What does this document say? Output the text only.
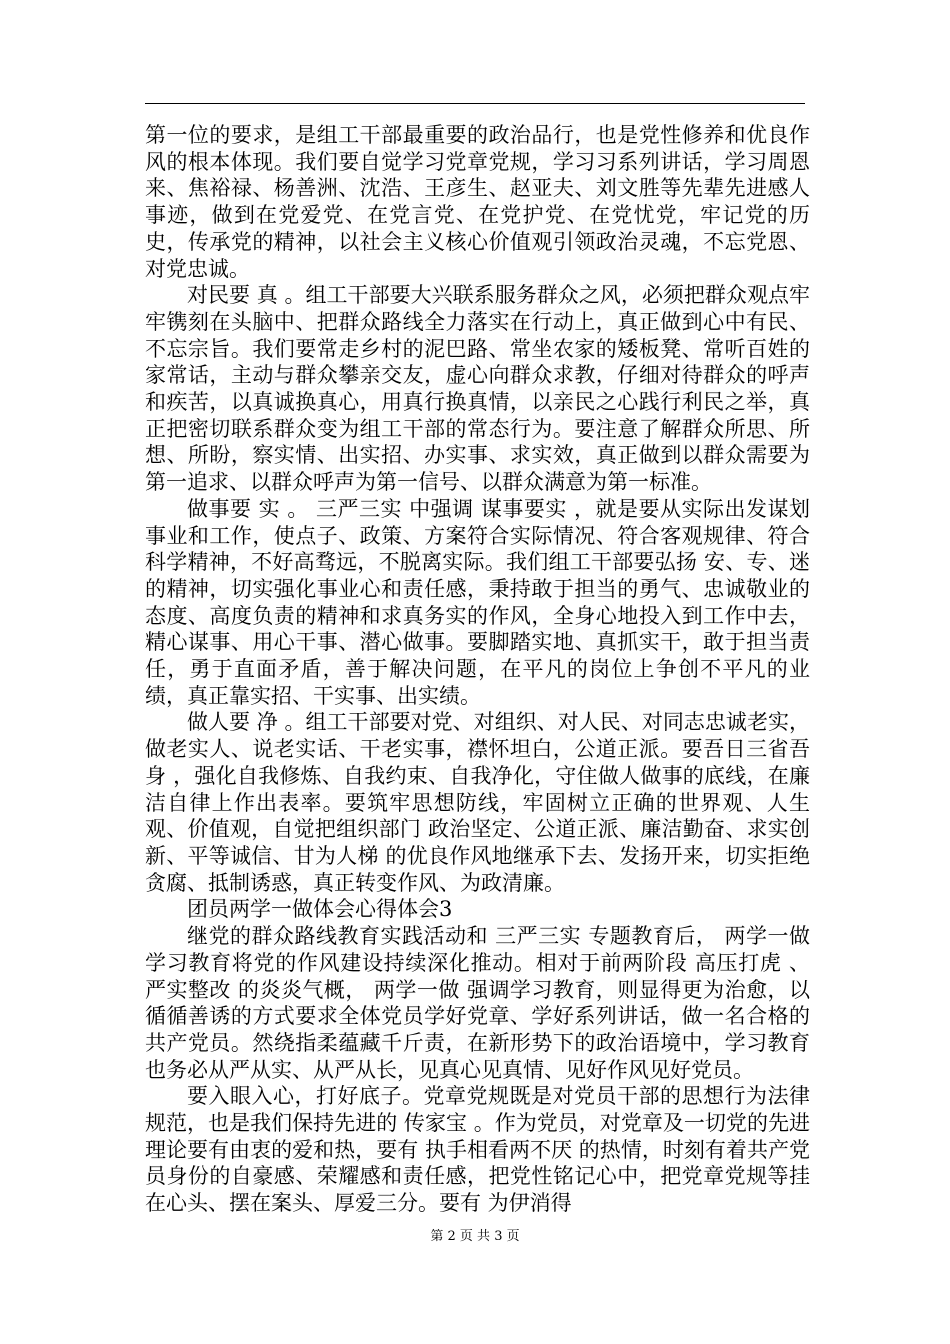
第一位的要求，是组工干部最重要的政治品行，也是党性修养和优良作风的根本体现。我们要自觉学习党章党规，学习习系列讲话，学习周恩来、焦裕禄、杨善洲、沈浩、王彦生、赵亚夫、刘文胜等先辈先进感人事迹，做到在党爱党、在党言党、在党护党、在党忧党，牢记党的历史，传承党的精神，以社会主义核心价值观引领政治灵魂，不忘党恩、对党忠诚。

对民要 真 。组工干部要大兴联系服务群众之风，必须把群众观点牢牢镌刻在头脑中、把群众路线全力落实在行动上，真正做到心中有民、不忘宗旨。我们要常走乡村的泥巴路、常坐农家的矮板凳、常听百姓的家常话，主动与群众攀亲交友，虚心向群众求教，仔细对待群众的呼声和疾苦，以真诚换真心，用真行换真情，以亲民之心践行利民之举，真正把密切联系群众变为组工干部的常态行为。要注意了解群众所思、所想、所盼，察实情、出实招、办实事、求实效，真正做到以群众需要为第一追求、以群众呼声为第一信号、以群众满意为第一标准。

做事要 实 。 三严三实 中强调 谋事要实 ，就是要从实际出发谋划事业和工作，使点子、政策、方案符合实际情况、符合客观规律、符合科学精神，不好高骛远，不脱离实际。我们组工干部要弘扬 安、专、迷 的精神，切实强化事业心和责任感，秉持敢于担当的勇气、忠诚敬业的态度、高度负责的精神和求真务实的作风，全身心地投入到工作中去，精心谋事、用心干事、潜心做事。要脚踏实地、真抓实干，敢于担当责任，勇于直面矛盾，善于解决问题，在平凡的岗位上争创不平凡的业绩，真正靠实招、干实事、出实绩。

做人要 净 。组工干部要对党、对组织、对人民、对同志忠诚老实，做老实人、说老实话、干老实事，襟怀坦白，公道正派。要吾日三省吾身 ，强化自我修炼、自我约束、自我净化，守住做人做事的底线，在廉洁自律上作出表率。要筑牢思想防线，牢固树立正确的世界观、人生观、价值观，自觉把组织部门 政治坚定、公道正派、廉洁勤奋、求实创新、平等诚信、甘为人梯 的优良作风地继承下去、发扬开来，切实拒绝贪腐、抵制诱惑，真正转变作风、为政清廉。

团员两学一做体会心得体会3

继党的群众路线教育实践活动和 三严三实 专题教育后， 两学一做 学习教育将党的作风建设持续深化推动。相对于前两阶段 高压打虎 、 严实整改 的炎炎气概， 两学一做 强调学习教育，则显得更为治愈，以循循善诱的方式要求全体党员学好党章、学好系列讲话，做一名合格的共产党员。然绕指柔蕴藏千斤责，在新形势下的政治语境中，学习教育也务必从严从实、从严从长，见真心见真情、见好作风见好党员。

要入眼入心，打好底子。党章党规既是对党员干部的思想行为法律规范，也是我们保持先进的 传家宝 。作为党员，对党章及一切党的先进理论要有由衷的爱和热，要有 执手相看两不厌 的热情，时刻有着共产党员身份的自豪感、荣耀感和责任感，把党性铭记心中，把党章党规等挂在心头、摆在案头、厚爱三分。要有 为伊消得

第 2 页 共 3 页
